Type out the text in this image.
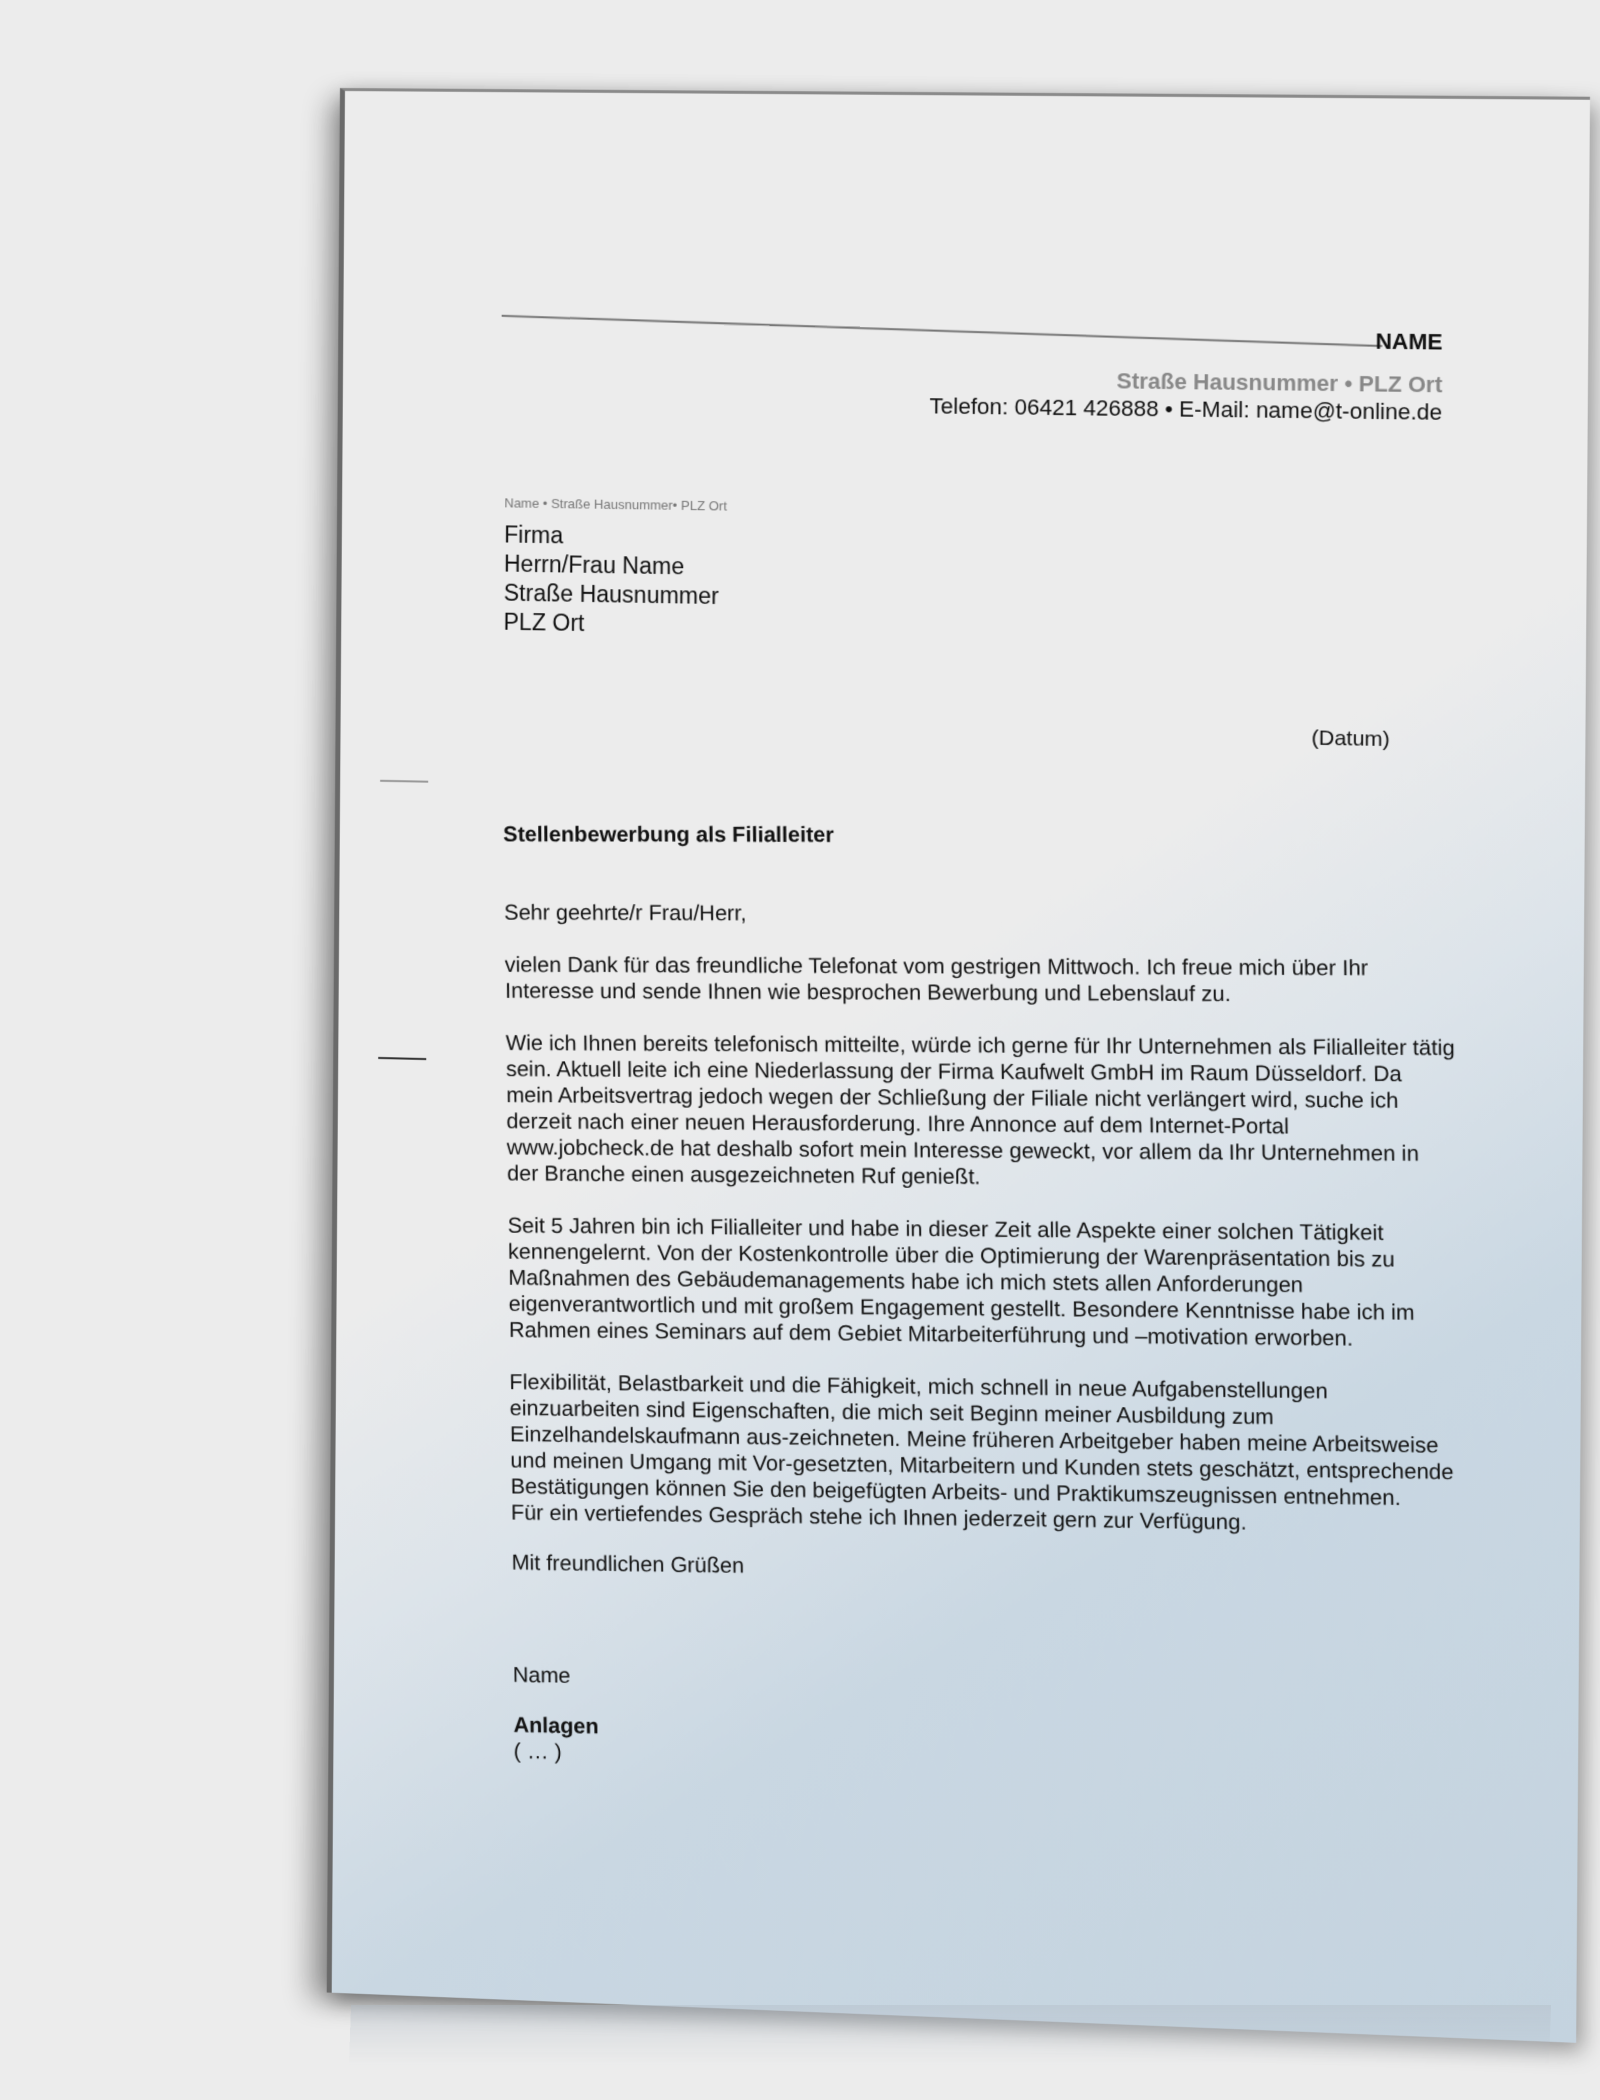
NAME
Straße Hausnummer • PLZ Ort
Telefon: 06421 426888 • E-Mail: name@t-online.de
Name • Straße Hausnummer• PLZ Ort
Firma
Herrn/Frau Name
Straße Hausnummer
PLZ Ort
(Datum)
Stellenbewerbung als Filialleiter
Sehr geehrte/r Frau/Herr,
vielen Dank für das freundliche Telefonat vom gestrigen Mittwoch. Ich freue mich über Ihr Interesse und sende Ihnen wie besprochen Bewerbung und Lebenslauf zu.
Wie ich Ihnen bereits telefonisch mitteilte, würde ich gerne für Ihr Unternehmen als Filialleiter tätig sein. Aktuell leite ich eine Niederlassung der Firma Kaufwelt GmbH im Raum Düsseldorf. Da mein Arbeitsvertrag jedoch wegen der Schließung der Filiale nicht verlängert wird, suche ich derzeit nach einer neuen Herausforderung. Ihre Annonce auf dem Internet-Portal www.jobcheck.de hat deshalb sofort mein Interesse geweckt, vor allem da Ihr Unternehmen in der Branche einen ausgezeichneten Ruf genießt.
Seit 5 Jahren bin ich Filialleiter und habe in dieser Zeit alle Aspekte einer solchen Tätigkeit kennengelernt. Von der Kostenkontrolle über die Optimierung der Warenpräsentation bis zu Maßnahmen des Gebäudemanagements habe ich mich stets allen Anforderungen eigenverantwortlich und mit großem Engagement gestellt. Besondere Kenntnisse habe ich im Rahmen eines Seminars auf dem Gebiet Mitarbeiterführung und –motivation erworben.
Flexibilität, Belastbarkeit und die Fähigkeit, mich schnell in neue Aufgabenstellungen einzuarbeiten sind Eigenschaften, die mich seit Beginn meiner Ausbildung zum Einzelhandelskaufmann aus-zeichneten. Meine früheren Arbeitgeber haben meine Arbeitsweise und meinen Umgang mit Vor-gesetzten, Mitarbeitern und Kunden stets geschätzt, entsprechende Bestätigungen können Sie den beigefügten Arbeits- und Praktikumszeugnissen entnehmen.
Für ein vertiefendes Gespräch stehe ich Ihnen jederzeit gern zur Verfügung.
Mit freundlichen Grüßen
Name
Anlagen
( … )
